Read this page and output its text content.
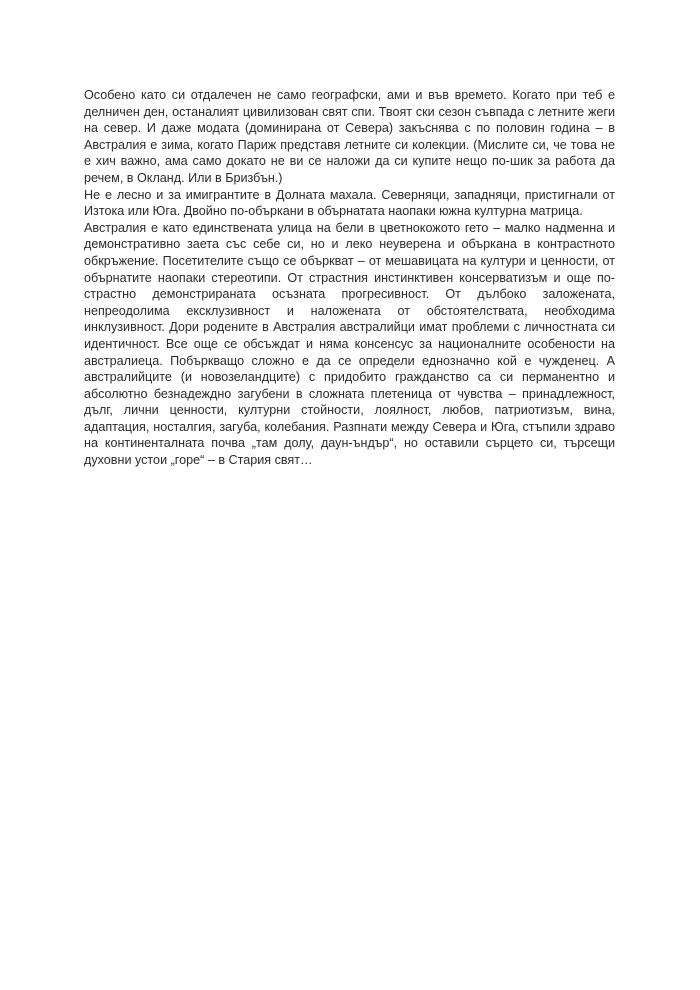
Особено като си отдалечен не само географски, ами и във времето. Когато при теб е делничен ден, останалият цивилизован свят спи. Твоят ски сезон съвпада с летните жеги на север. И даже модата (доминирана от Севера) закъснява с по половин година – в Австралия е зима, когато Париж представя летните си колекции. (Мислите си, че това не е хич важно, ама само докато не ви се наложи да си купите нещо по-шик за работа да речем, в Окланд. Или в Бризбън.)

Не е лесно и за имигрантите в Долната махала. Северняци, западняци, пристигнали от Изтока или Юга. Двойно по-объркани в обърнатата наопаки южна културна матрица.

Австралия е като единствената улица на бели в цветнокожото гето – малко надменна и демонстративно заета със себе си, но и леко неуверена и объркана в контрастното обкръжение. Посетителите също се объркват – от мешавицата на култури и ценности, от обърнатите наопаки стереотипи. От страстния инстинктивен консерватизъм и още по-страстно демонстрираната осъзната прогресивност. От дълбоко заложената, непреодолима ексклузивност и наложената от обстоятелствата, необходима инклузивност. Дори родените в Австралия австралийци имат проблеми с личностната си идентичност. Все още се обсъждат и няма консенсус за националните особености на австралиеца. Побъркващо сложно е да се определи еднозначно кой е чужденец. А австралийците (и новозеландците) с придобито гражданство са си перманентно и абсолютно безнадеждно загубени в сложната плетеница от чувства – принадлежност, дълг, лични ценности, културни стойности, лоялност, любов, патриотизъм, вина, адаптация, носталгия, загуба, колебания. Разпнати между Севера и Юга, стъпили здраво на континенталната почва „там долу, даун-ъндър“, но оставили сърцето си, търсещи духовни устои „горе“ – в Стария свят…
